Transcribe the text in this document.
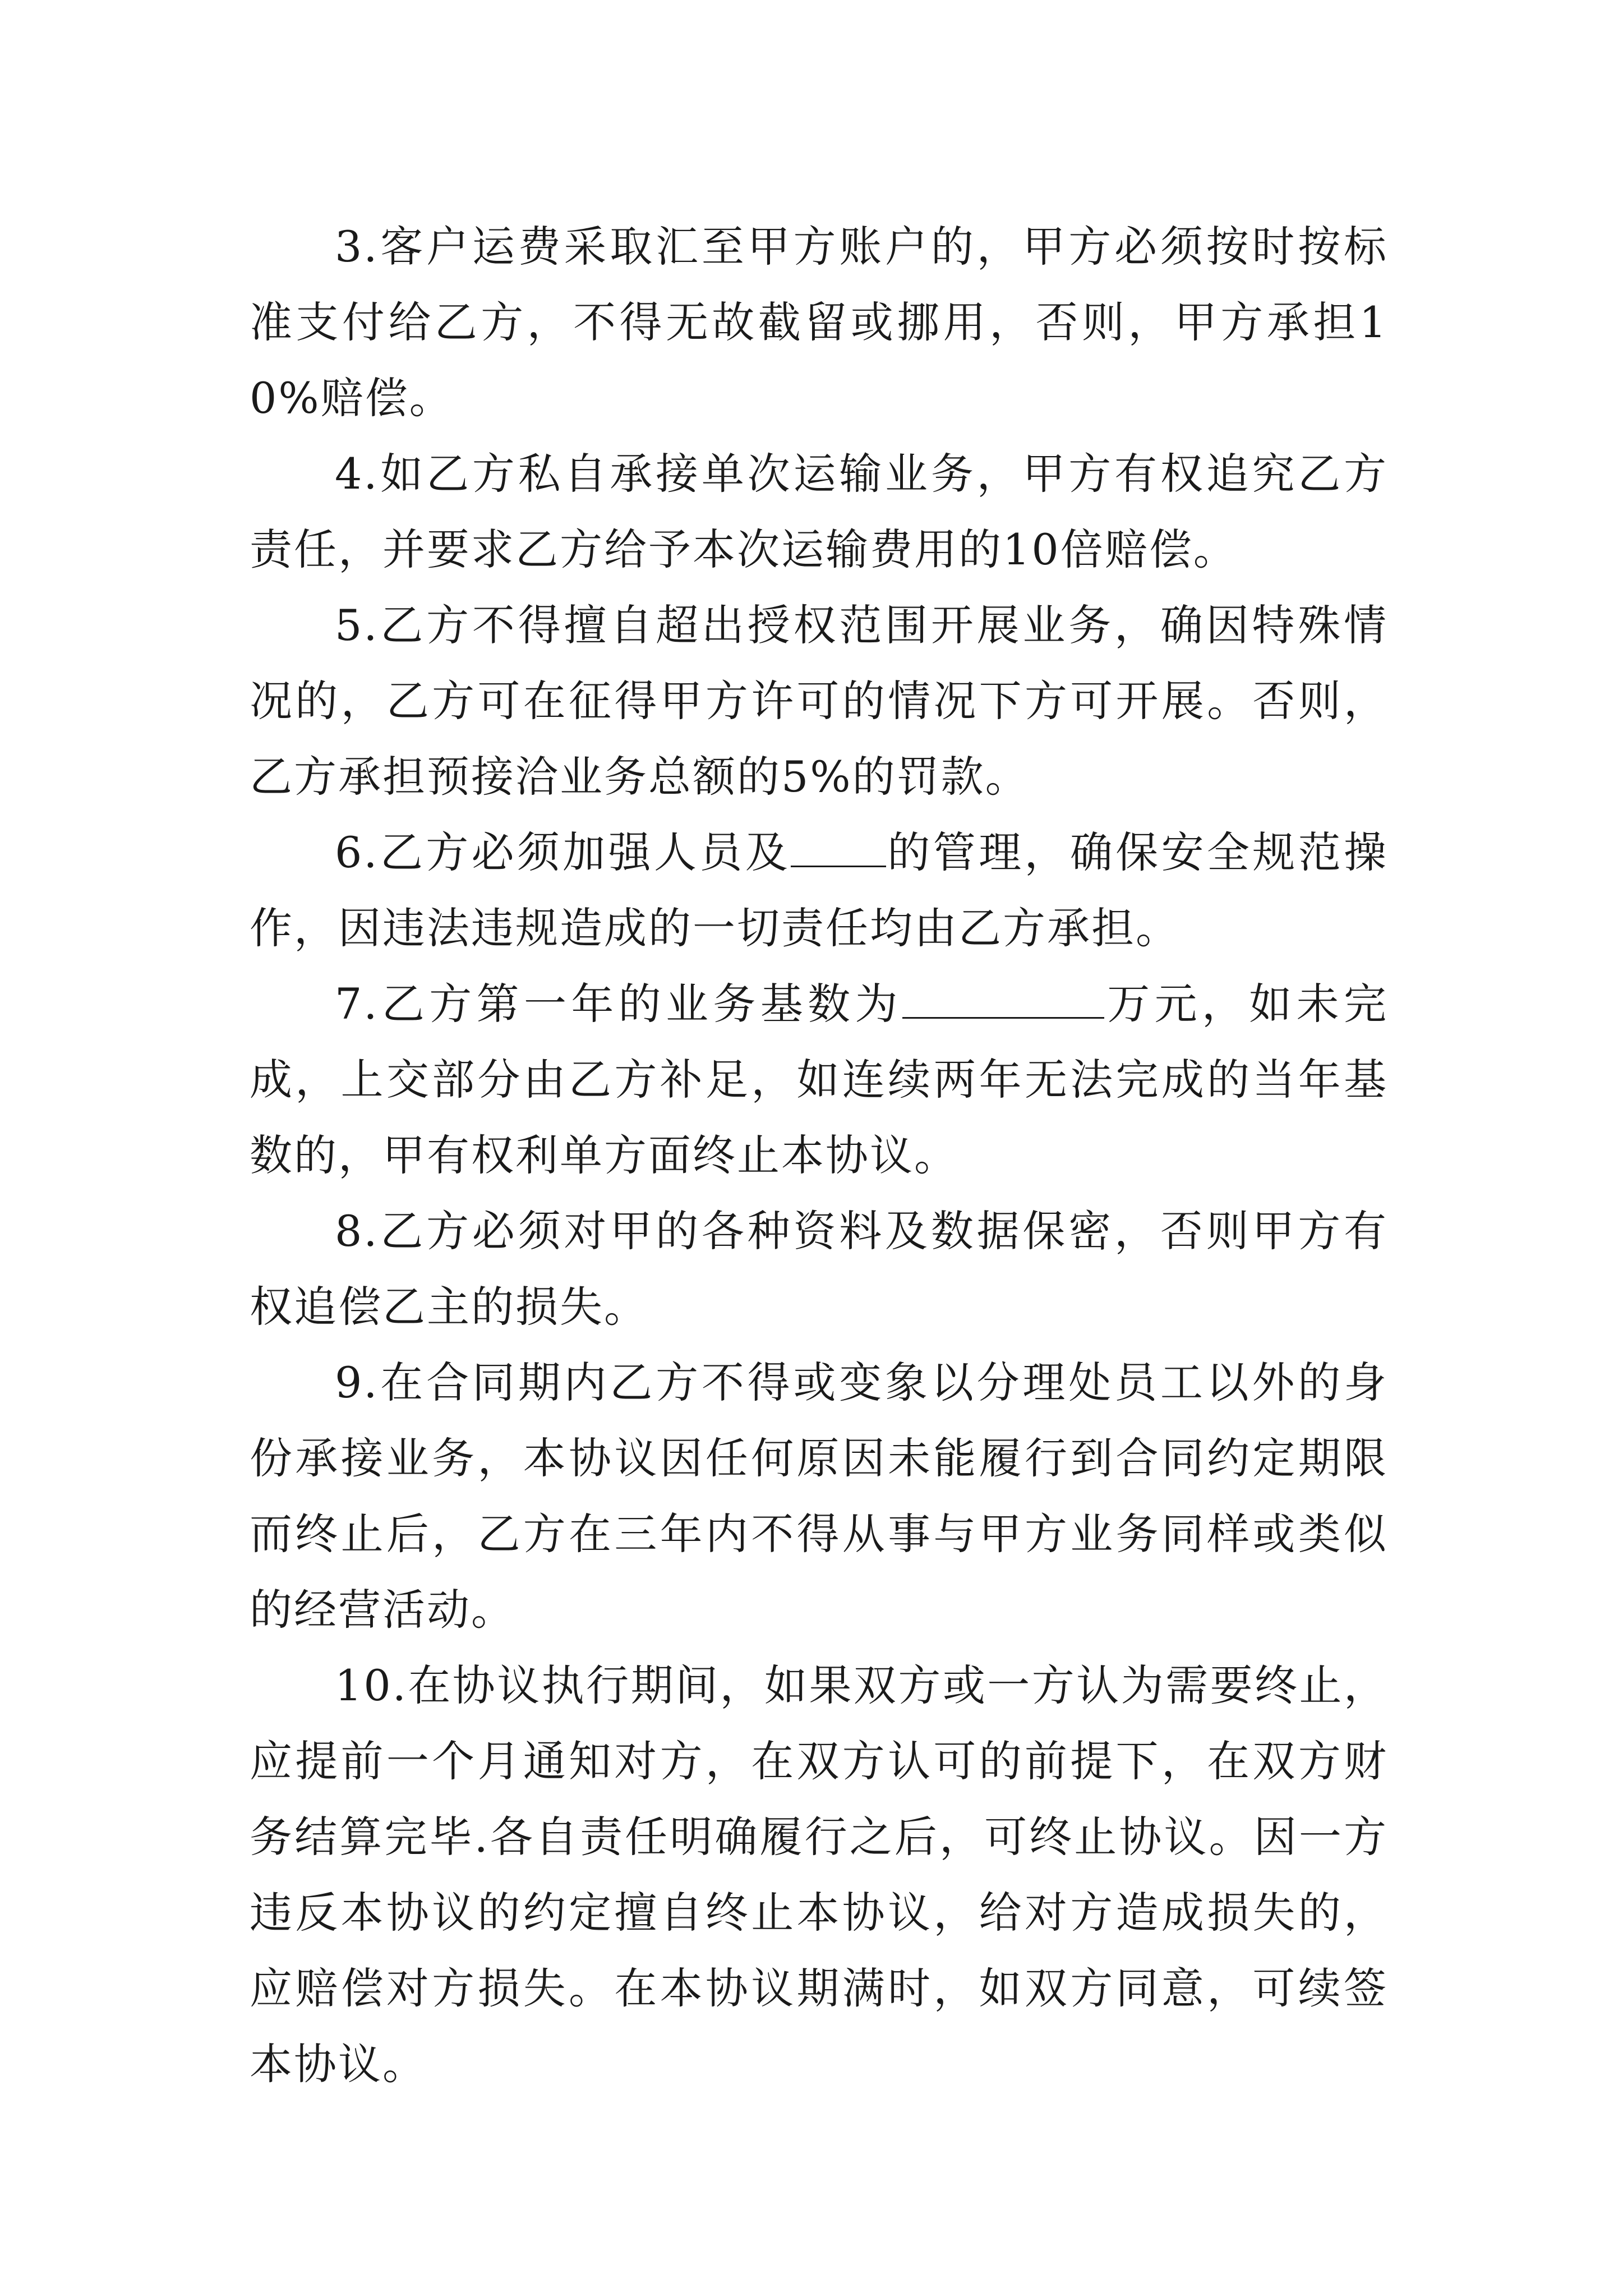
3.客户运费采取汇至甲方账户的，甲方必须按时按标准支付给乙方，不得无故截留或挪用，否则，甲方承担10%赔偿。

4.如乙方私自承接单次运输业务，甲方有权追究乙方责任，并要求乙方给予本次运输费用的10倍赔偿。

5.乙方不得擅自超出授权范围开展业务，确因特殊情况的，乙方可在征得甲方许可的情况下方可开展。否则，乙方承担预接洽业务总额的5%的罚款。

6.乙方必须加强人员及 的管理，确保安全规范操作，因违法违规造成的一切责任均由乙方承担。

7.乙方第一年的业务基数为	万元，如未完成，上交部分由乙方补足，如连续两年无法完成的当年基数的，甲有权利单方面终止本协议。

8.乙方必须对甲的各种资料及数据保密，否则甲方有权追偿乙主的损失。

9.在合同期内乙方不得或变象以分理处员工以外的身份承接业务，本协议因任何原因未能履行到合同约定期限而终止后，乙方在三年内不得从事与甲方业务同样或类似的经营活动。

10.在协议执行期间，如果双方或一方认为需要终止，应提前一个月通知对方，在双方认可的前提下，在双方财务结算完毕.各自责任明确履行之后，可终止协议。因一方违反本协议的约定擅自终止本协议，给对方造成损失的，应赔偿对方损失。在本协议期满时，如双方同意，可续签本协议。
